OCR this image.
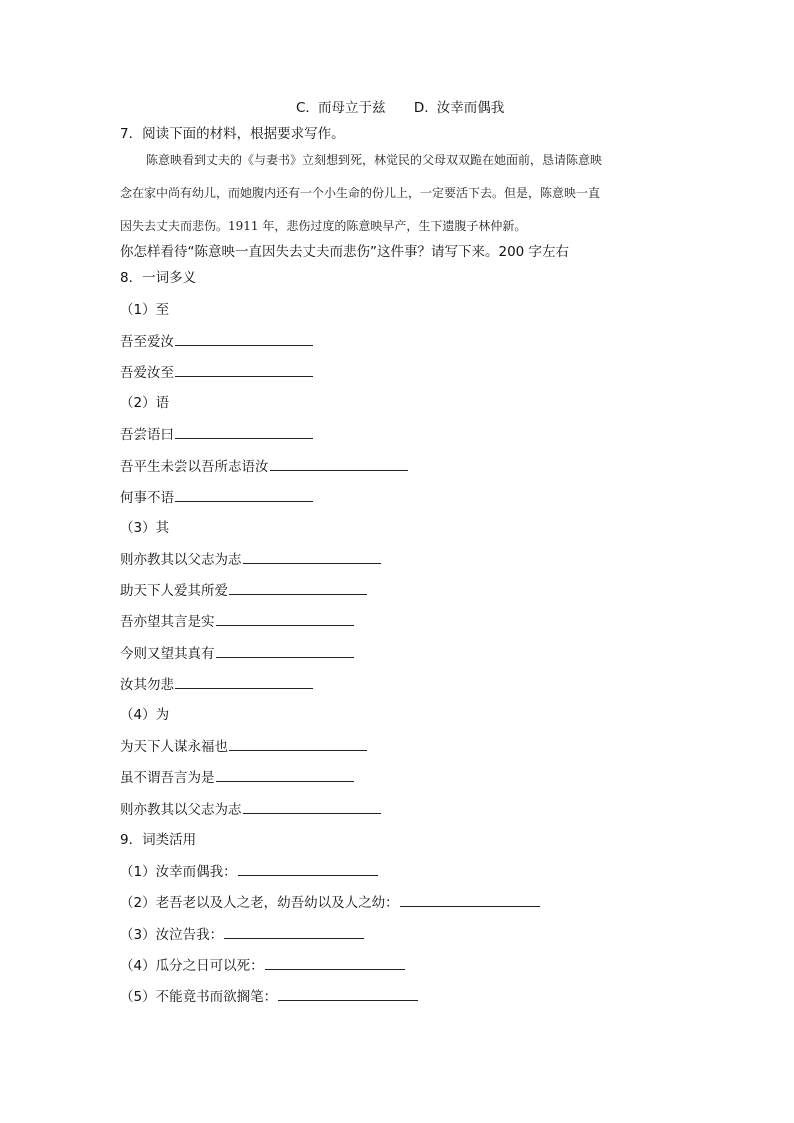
C. 而母立于兹 D. 汝幸而偶我
7．阅读下面的材料，根据要求写作。
陈意映看到丈夫的《与妻书》立刻想到死，林觉民的父母双双跪在她面前，恳请陈意映
念在家中尚有幼儿，而她腹内还有一个小生命的份儿上，一定要活下去。但是，陈意映一直
因失去丈夫而悲伤。1911 年，悲伤过度的陈意映早产，生下遗腹子林仲新。
你怎样看待“陈意映一直因失去丈夫而悲伤”这件事？请写下来。200 字左右
8．一词多义
（1）至
吾至爱汝
吾爱汝至
（2）语
吾尝语曰
吾平生未尝以吾所志语汝
何事不语
（3）其
则亦教其以父志为志
助天下人爱其所爱
吾亦望其言是实
今则又望其真有
汝其勿悲
（4）为
为天下人谋永福也
虽不谓吾言为是
则亦教其以父志为志
9．词类活用
（1）汝幸而偶我：
（2）老吾老以及人之老，幼吾幼以及人之幼：
（3）汝泣告我：
（4）瓜分之日可以死：
（5）不能竟书而欲搁笔：
